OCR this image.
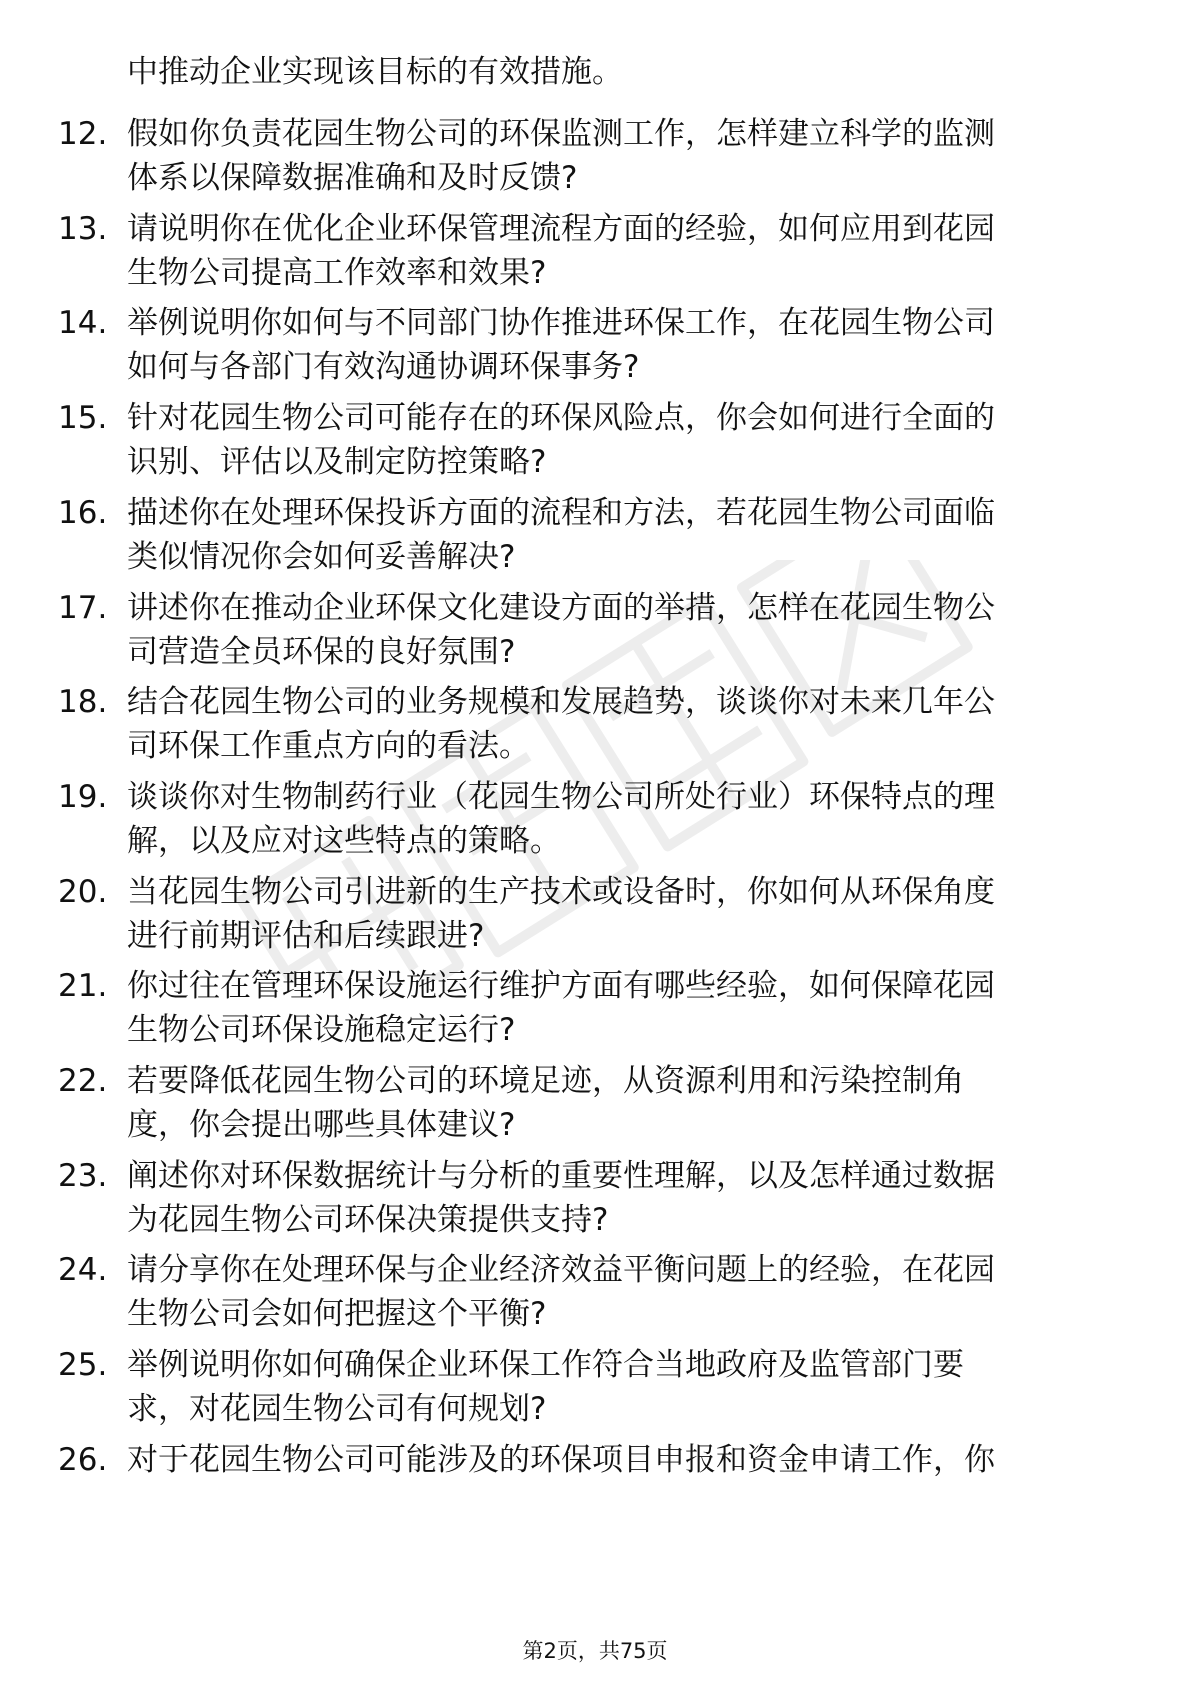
中推动企业实现该目标的有效措施。
12. 假如你负责花园生物公司的环保监测工作，怎样建立科学的监测
体系以保障数据准确和及时反馈?
13. 请说明你在优化企业环保管理流程方面的经验，如何应用到花园
生物公司提高工作效率和效果?
14. 举例说明你如何与不同部门协作推进环保工作，在花园生物公司
如何与各部门有效沟通协调环保事务?
15. 针对花园生物公司可能存在的环保风险点，你会如何进行全面的
识别、评估以及制定防控策略?
16. 描述你在处理环保投诉方面的流程和方法，若花园生物公司面临
类似情况你会如何妥善解决?
17. 讲述你在推动企业环保文化建设方面的举措，怎样在花园生物公
司营造全员环保的良好氛围?
18. 结合花园生物公司的业务规模和发展趋势，谈谈你对未来几年公
司环保工作重点方向的看法。
19. 谈谈你对生物制药行业（花园生物公司所处行业）环保特点的理
解，以及应对这些特点的策略。
20. 当花园生物公司引进新的生产技术或设备时，你如何从环保角度
进行前期评估和后续跟进?
21. 你过往在管理环保设施运行维护方面有哪些经验，如何保障花园
生物公司环保设施稳定运行?
22. 若要降低花园生物公司的环境足迹，从资源利用和污染控制角
度，你会提出哪些具体建议?
23. 阐述你对环保数据统计与分析的重要性理解，以及怎样通过数据
为花园生物公司环保决策提供支持?
24. 请分享你在处理环保与企业经济效益平衡问题上的经验，在花园
生物公司会如何把握这个平衡?
25. 举例说明你如何确保企业环保工作符合当地政府及监管部门要
求，对花园生物公司有何规划?
26. 对于花园生物公司可能涉及的环保项目申报和资金申请工作，你
第2页，共75页
